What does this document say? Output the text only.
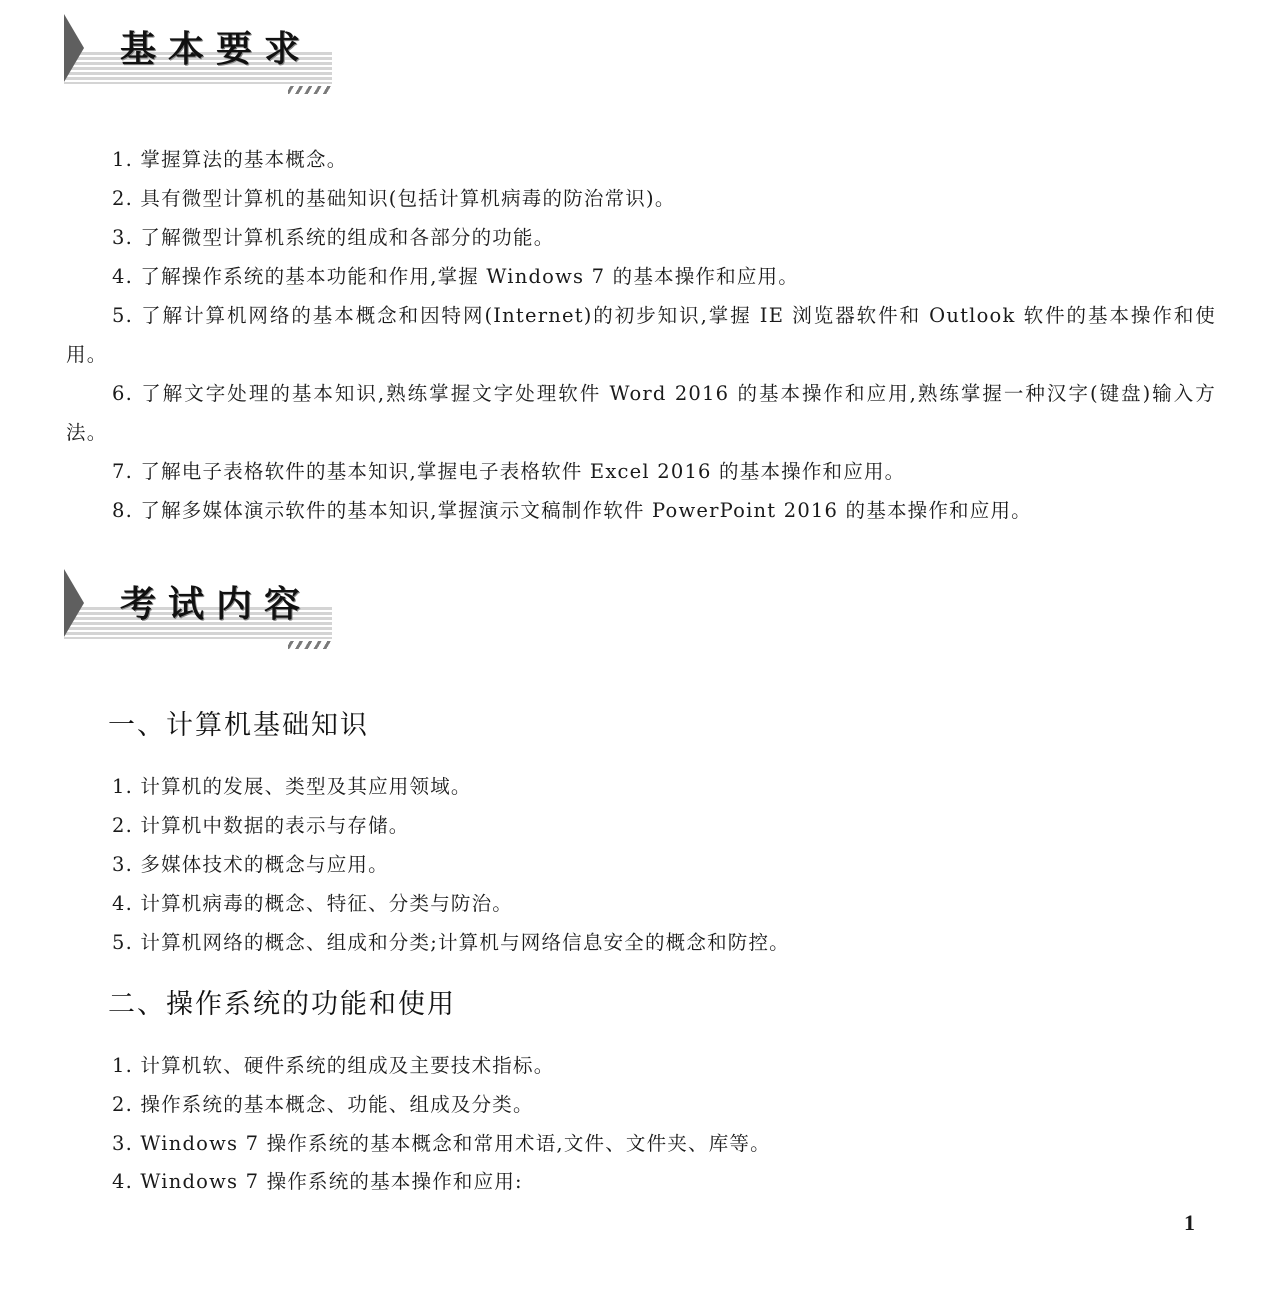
基本要求

1. 掌握算法的基本概念。

2. 具有微型计算机的基础知识(包括计算机病毒的防治常识)。

3. 了解微型计算机系统的组成和各部分的功能。

4. 了解操作系统的基本功能和作用,掌握 Windows 7 的基本操作和应用。

5. 了解计算机网络的基本概念和因特网(Internet)的初步知识,掌握 IE 浏览器软件和 Outlook 软件的基本操作和使用。

6. 了解文字处理的基本知识,熟练掌握文字处理软件 Word 2016 的基本操作和应用,熟练掌握一种汉字(键盘)输入方法。

7. 了解电子表格软件的基本知识,掌握电子表格软件 Excel 2016 的基本操作和应用。

8. 了解多媒体演示软件的基本知识,掌握演示文稿制作软件 PowerPoint 2016 的基本操作和应用。

考试内容
一、计算机基础知识

1. 计算机的发展、类型及其应用领域。

2. 计算机中数据的表示与存储。

3. 多媒体技术的概念与应用。

4. 计算机病毒的概念、特征、分类与防治。

5. 计算机网络的概念、组成和分类;计算机与网络信息安全的概念和防控。

二、操作系统的功能和使用

1. 计算机软、硬件系统的组成及主要技术指标。

2. 操作系统的基本概念、功能、组成及分类。

3. Windows 7 操作系统的基本概念和常用术语,文件、文件夹、库等。

4. Windows 7 操作系统的基本操作和应用:

1
